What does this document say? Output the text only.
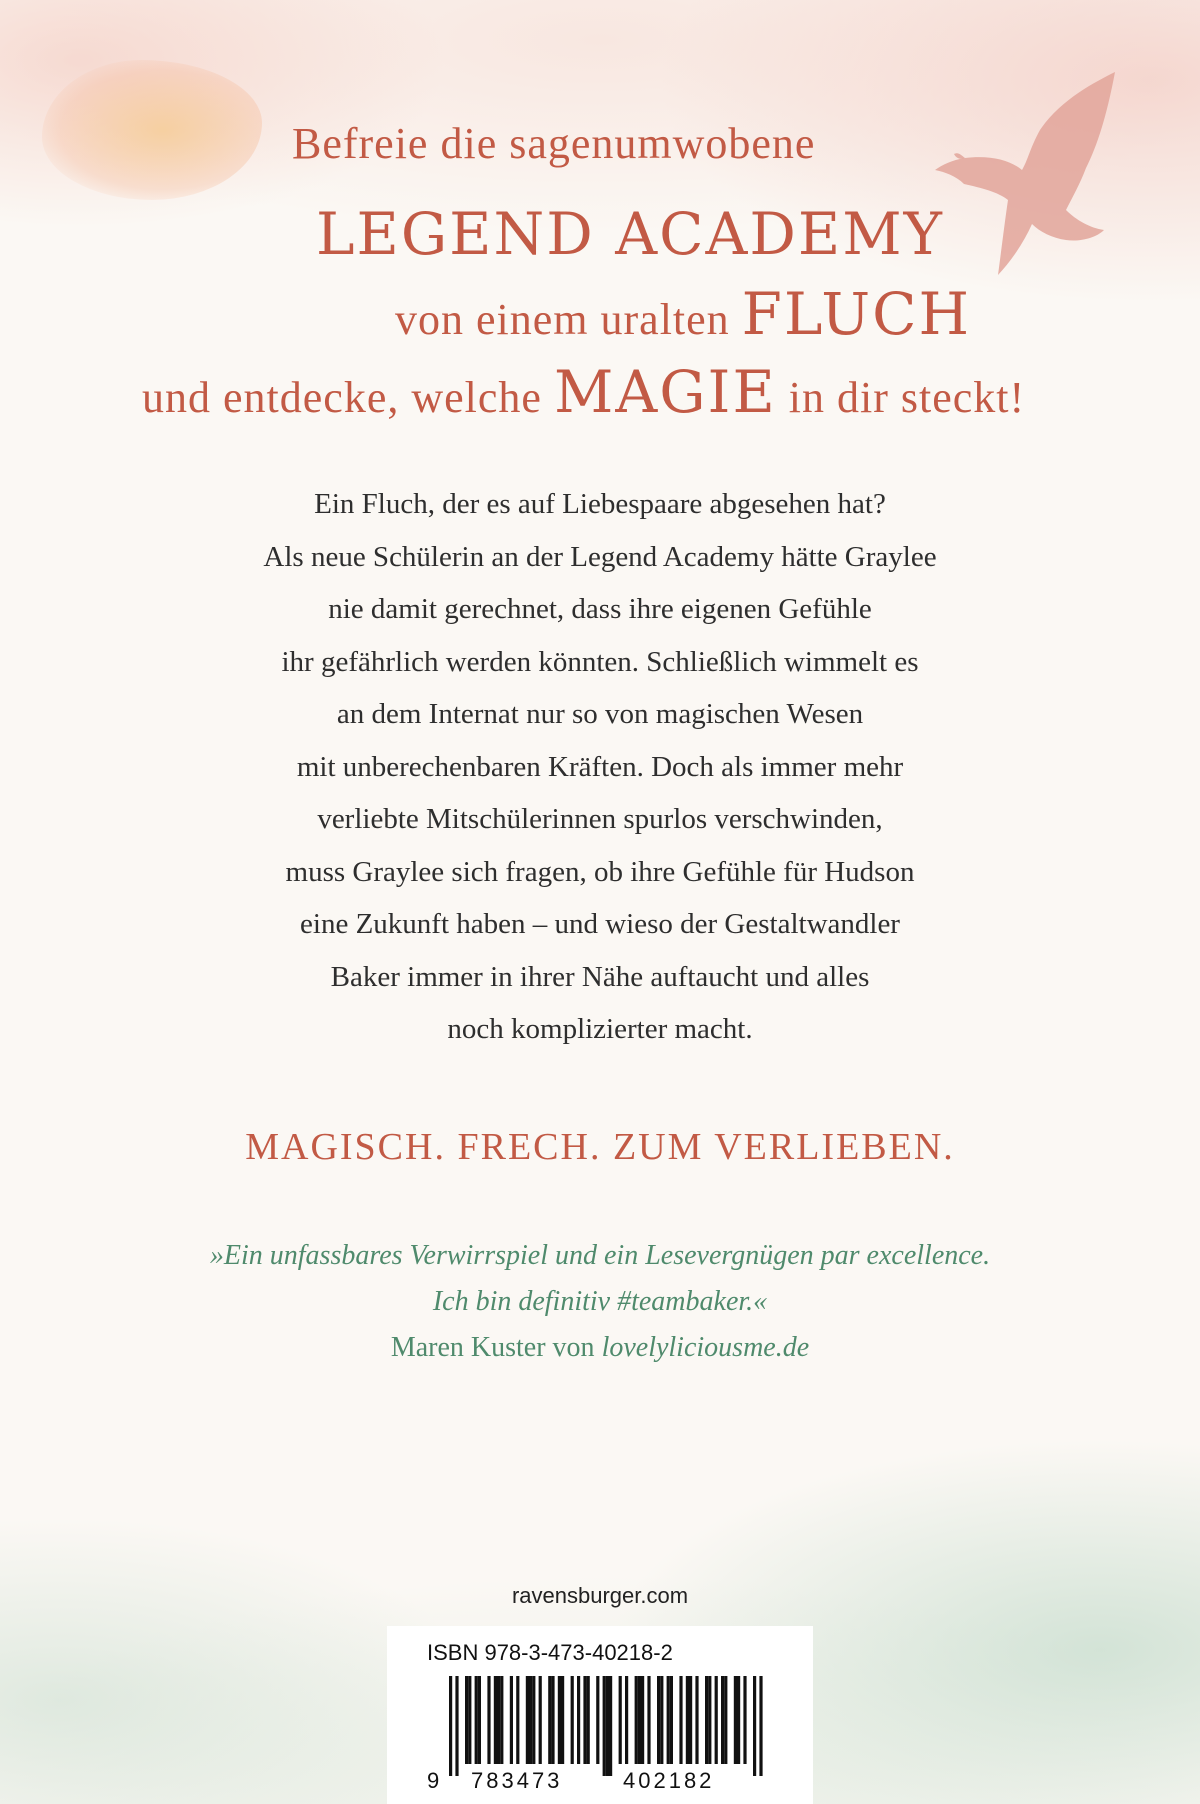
Befreie die sagenumwobene
LEGEND ACADEMY
von einem uralten FLUCH
und entdecke, welche MAGIE in dir steckt!
Ein Fluch, der es auf Liebespaare abgesehen hat?
Als neue Schülerin an der Legend Academy hätte Graylee
nie damit gerechnet, dass ihre eigenen Gefühle
ihr gefährlich werden könnten. Schließlich wimmelt es
an dem Internat nur so von magischen Wesen
mit unberechenbaren Kräften. Doch als immer mehr
verliebte Mitschülerinnen spurlos verschwinden,
muss Graylee sich fragen, ob ihre Gefühle für Hudson
eine Zukunft haben – und wieso der Gestaltwandler
Baker immer in ihrer Nähe auftaucht und alles
noch komplizierter macht.
MAGISCH. FRECH. ZUM VERLIEBEN.
»Ein unfassbares Verwirrspiel und ein Lesevergnügen par excellence.
Ich bin definitiv #teambaker.«
Maren Kuster von lovelyliciousme.de
ravensburger.com
ISBN 978-3-473-40218-2
9 783473	402182
